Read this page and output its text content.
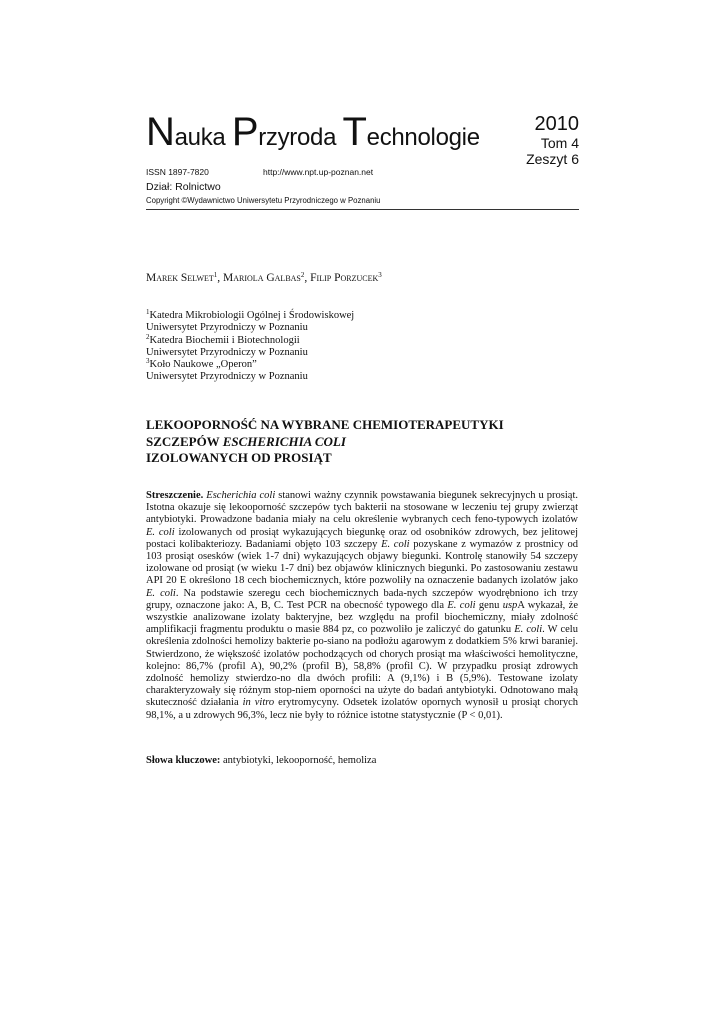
Nauka Przyroda Technologie	2010
Tom 4
Zeszyt 6
ISSN 1897-7820	http://www.npt.up-poznan.net
Dział: Rolnictwo
Copyright ©Wydawnictwo Uniwersytetu Przyrodniczego w Poznaniu
Marek Selwet$^1$, Mariola Galbas$^2$, Filip Porzucek$^3$
$^1$Katedra Mikrobiologii Ogólnej i Środowiskowej
Uniwersytet Przyrodniczy w Poznaniu
$^2$Katedra Biochemii i Biotechnologii
Uniwersytet Przyrodniczy w Poznaniu
$^3$Koło Naukowe „Operon”
Uniwersytet Przyrodniczy w Poznaniu
LEKOOPORNOŚĆ NA WYBRANE CHEMIOTERAPEUTYKI
SZCZEPÓW ESCHERICHIA COLI
IZOLOWANYCH OD PROSIĄT
Streszczenie. Escherichia coli stanowi ważny czynnik powstawania biegunek sekrecyjnych u prosiąt. Istotna okazuje się lekooporność szczepów tych bakterii na stosowane w leczeniu tej grupy zwierząt antybiotyki. Prowadzone badania miały na celu określenie wybranych cech feno-typowych izolatów E. coli izolowanych od prosiąt wykazujących biegunkę oraz od osobników zdrowych, bez jelitowej postaci kolibakteriozy. Badaniami objęto 103 szczepy E. coli pozyskane z wymazów z prostnicy od 103 prosiąt osesków (wiek 1-7 dni) wykazujących objawy biegunki. Kontrolę stanowiły 54 szczepy izolowane od prosiąt (w wieku 1-7 dni) bez objawów klinicznych biegunki. Po zastosowaniu zestawu API 20 E określono 18 cech biochemicznych, które pozwoliły na oznaczenie badanych izolatów jako E. coli. Na podstawie szeregu cech biochemicznych bada-nych szczepów wyodrębniono ich trzy grupy, oznaczone jako: A, B, C. Test PCR na obecność typowego dla E. coli genu uspA wykazał, że wszystkie analizowane izolaty bakteryjne, bez względu na profil biochemiczny, miały zdolność amplifikacji fragmentu produktu o masie 884 pz, co pozwoliło je zaliczyć do gatunku E. coli. W celu określenia zdolności hemolizy bakterie po-siano na podłożu agarowym z dodatkiem 5% krwi baraniej. Stwierdzono, że większość izolatów pochodzących od chorych prosiąt ma właściwości hemolityczne, kolejno: 86,7% (profil A), 90,2% (profil B), 58,8% (profil C). W przypadku prosiąt zdrowych zdolność hemolizy stwierdzo-no dla dwóch profili: A (9,1%) i B (5,9%). Testowane izolaty charakteryzowały się różnym stop-niem oporności na użyte do badań antybiotyki. Odnotowano małą skuteczność działania in vitro erytromycyny. Odsetek izolatów opornych wynosił u prosiąt chorych 98,1%, a u zdrowych 96,3%, lecz nie były to różnice istotne statystycznie (P < 0,01).
Słowa kluczowe: antybiotyki, lekooporność, hemoliza
